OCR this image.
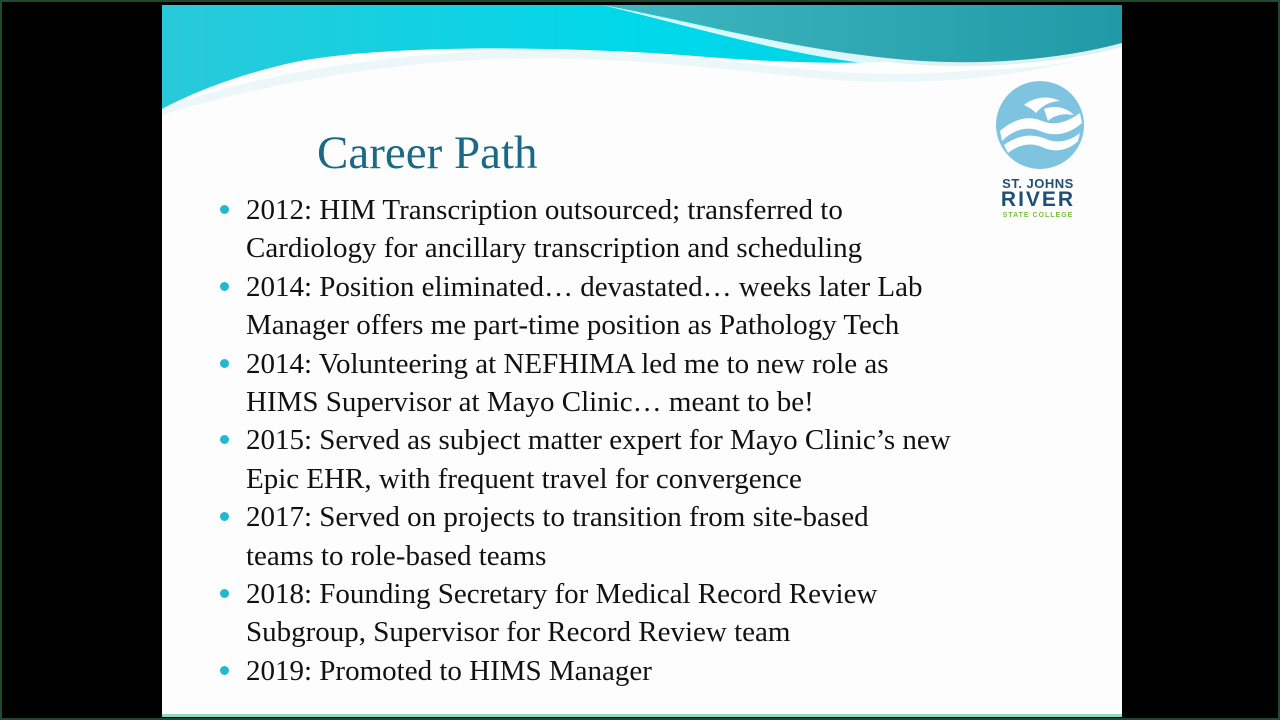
Career Path
ST. JOHNS
RIVER
STATE COLLEGE
2012: HIM Transcription outsourced; transferred to
Cardiology for ancillary transcription and scheduling
2014: Position eliminated… devastated… weeks later Lab
Manager offers me part-time position as Pathology Tech
2014: Volunteering at NEFHIMA led me to new role as
HIMS Supervisor at Mayo Clinic… meant to be!
2015: Served as subject matter expert for Mayo Clinic’s new
Epic EHR, with frequent travel for convergence
2017: Served on projects to transition from site-based
teams to role-based teams
2018: Founding Secretary for Medical Record Review
Subgroup, Supervisor for Record Review team
2019: Promoted to HIMS Manager
